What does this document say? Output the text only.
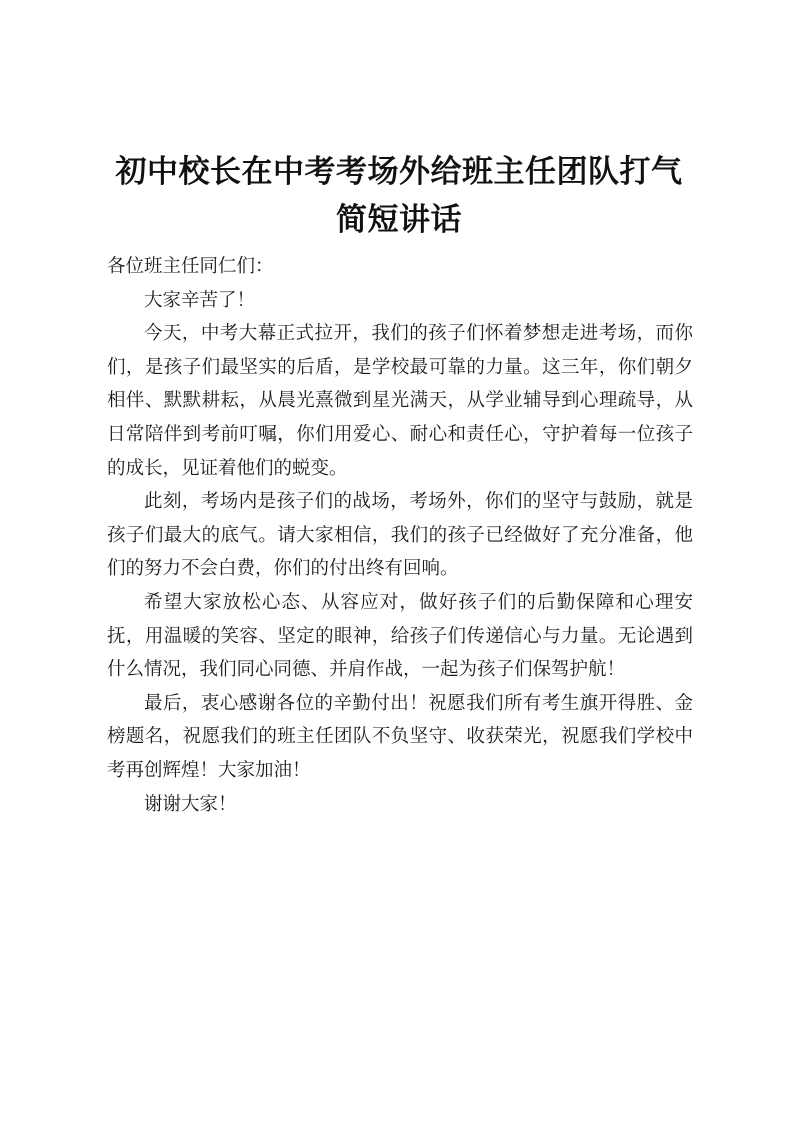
初中校长在中考考场外给班主任团队打气简短讲话

各位班主任同仁们：

大家辛苦了！

今天，中考大幕正式拉开，我们的孩子们怀着梦想走进考场，而你们，是孩子们最坚实的后盾，是学校最可靠的力量。这三年，你们朝夕相伴、默默耕耘，从晨光熹微到星光满天，从学业辅导到心理疏导，从日常陪伴到考前叮嘱，你们用爱心、耐心和责任心，守护着每一位孩子的成长，见证着他们的蜕变。

此刻，考场内是孩子们的战场，考场外，你们的坚守与鼓励，就是孩子们最大的底气。请大家相信，我们的孩子已经做好了充分准备，他们的努力不会白费，你们的付出终有回响。

希望大家放松心态、从容应对，做好孩子们的后勤保障和心理安抚，用温暖的笑容、坚定的眼神，给孩子们传递信心与力量。无论遇到什么情况，我们同心同德、并肩作战，一起为孩子们保驾护航！

最后，衷心感谢各位的辛勤付出！祝愿我们所有考生旗开得胜、金榜题名，祝愿我们的班主任团队不负坚守、收获荣光，祝愿我们学校中考再创辉煌！大家加油！

谢谢大家！
